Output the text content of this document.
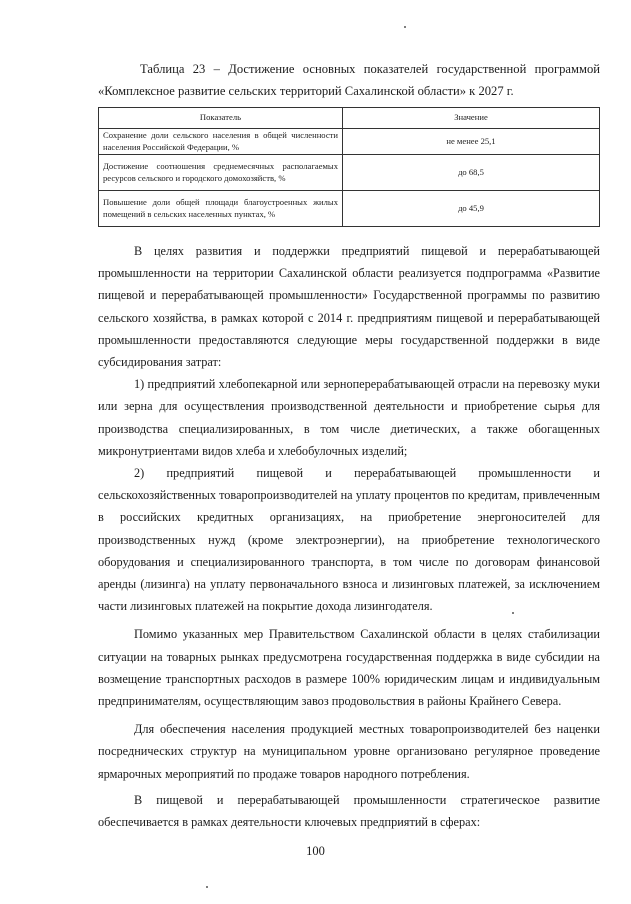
Таблица 23 – Достижение основных показателей государственной программой
«Комплексное развитие сельских территорий Сахалинской области» к 2027 г.
Показатель	Значение
Сохранение доли сельского населения в общей численности населения Российской Федерации, %	не менее 25,1
Достижение соотношения среднемесячных располагаемых ресурсов сельского и городского домохозяйств, %	до 68,5
Повышение доли общей площади благоустроенных жилых помещений в сельских населенных пунктах, %	до 45,9

В целях развития и поддержки предприятий пищевой и перерабатывающей промышленности на территории Сахалинской области реализуется подпрограмма «Развитие пищевой и перерабатывающей промышленности» Государственной программы по развитию сельского хозяйства, в рамках которой с 2014 г. предприятиям пищевой и перерабатывающей промышленности предоставляются следующие меры государственной поддержки в виде субсидирования затрат:

1) предприятий хлебопекарной или зерноперерабатывающей отрасли на перевозку муки или зерна для осуществления производственной деятельности и приобретение сырья для производства специализированных, в том числе диетических, а также обогащенных микронутриентами видов хлеба и хлебобулочных изделий;

2) предприятий пищевой и перерабатывающей промышленности и сельскохозяйственных товаропроизводителей на уплату процентов по кредитам, привлеченным в российских кредитных организациях, на приобретение энергоносителей для производственных нужд (кроме электроэнергии), на приобретение технологического оборудования и специализированного транспорта, в том числе по договорам финансовой аренды (лизинга) на уплату первоначального взноса и лизинговых платежей, за исключением части лизинговых платежей на покрытие дохода лизингодателя.

Помимо указанных мер Правительством Сахалинской области в целях стабилизации ситуации на товарных рынках предусмотрена государственная поддержка в виде субсидии на возмещение транспортных расходов в размере 100% юридическим лицам и индивидуальным предпринимателям, осуществляющим завоз продовольствия в районы Крайнего Севера.

Для обеспечения населения продукцией местных товаропроизводителей без наценки посреднических структур на муниципальном уровне организовано регулярное проведение ярмарочных мероприятий по продаже товаров народного потребления.

В пищевой и перерабатывающей промышленности стратегическое развитие обеспечивается в рамках деятельности ключевых предприятий в сферах:

100
